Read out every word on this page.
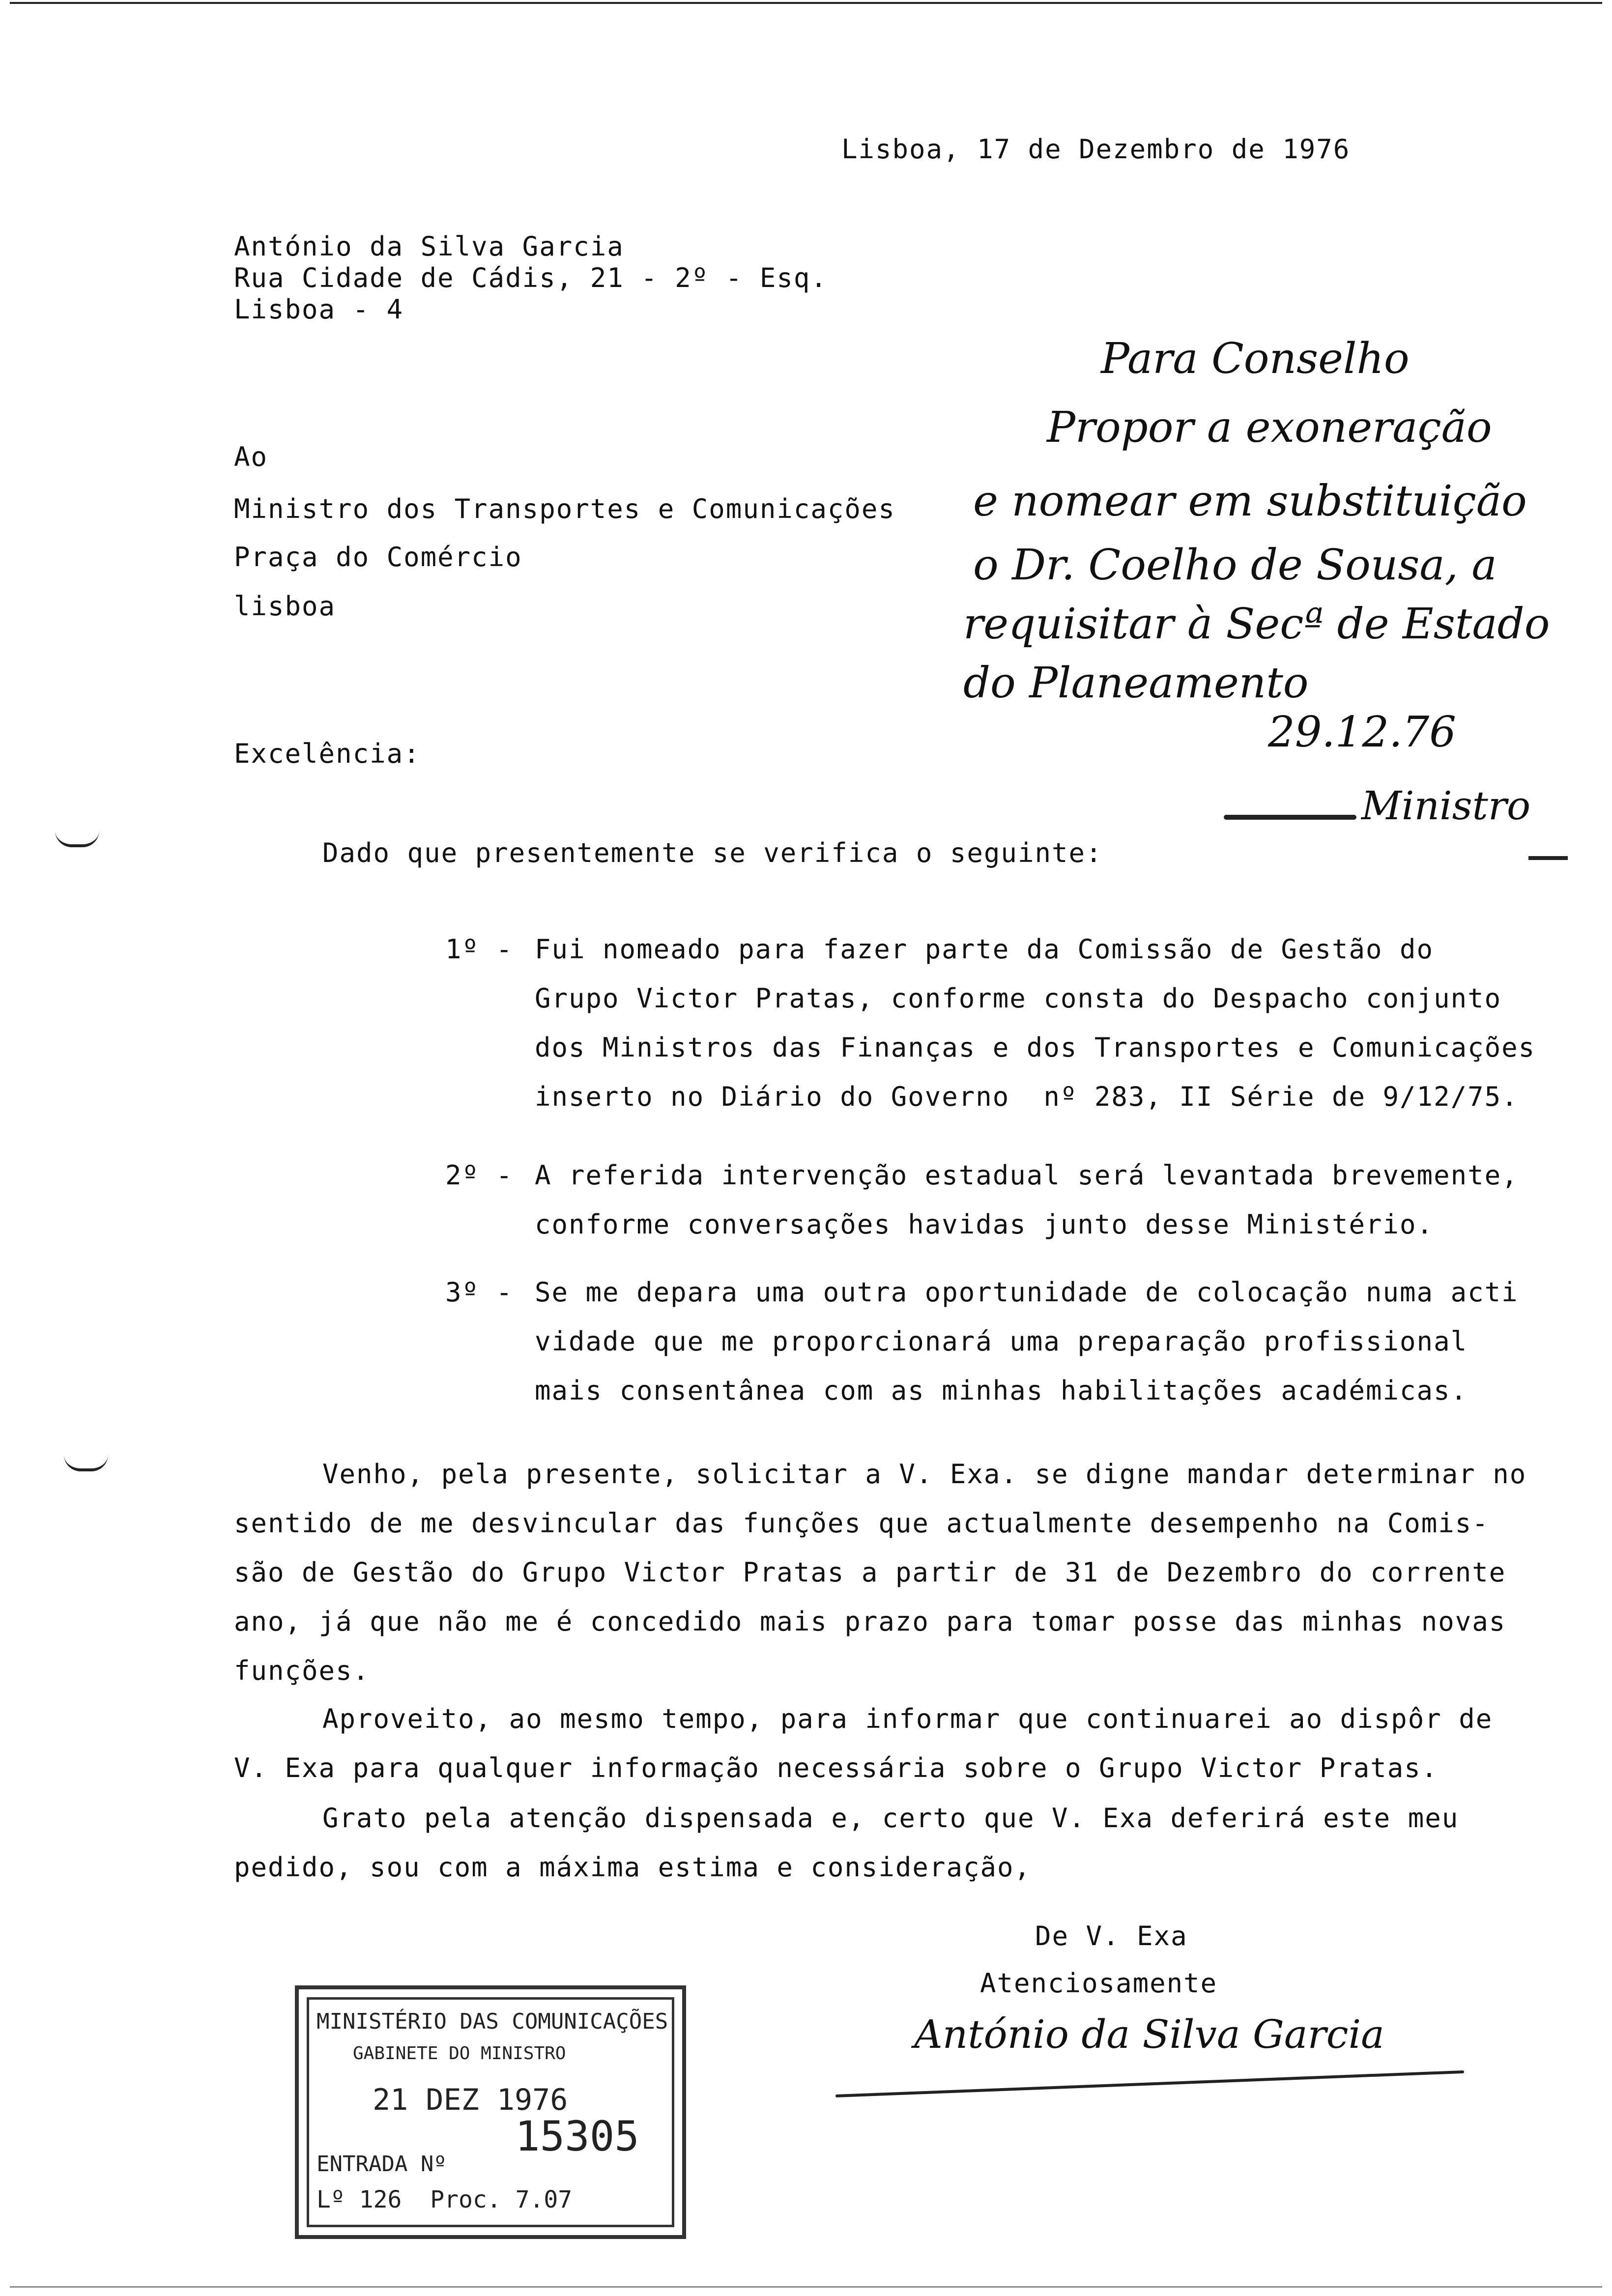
Lisboa, 17 de Dezembro de 1976
António da Silva Garcia
Rua Cidade de Cádis, 21 - 2º - Esq.
Lisboa - 4
Ao
Ministro dos Transportes e Comunicações
Praça do Comércio
lisboa
Para Conselho
Propor a exoneração
e nomear em substituição
o Dr. Coelho de Sousa, a
requisitar à Secª de Estado
do Planeamento
29.12.76
Ministro
Excelência:
Dado que presentemente se verifica o seguinte:
1º - Fui nomeado para fazer parte da Comissão de Gestão do
Grupo Victor Pratas, conforme consta do Despacho conjunto
dos Ministros das Finanças e dos Transportes e Comunicações
inserto no Diário do Governo  nº 283, II Série de 9/12/75.
2º - A referida intervenção estadual será levantada brevemente,
conforme conversações havidas junto desse Ministério.
3º - Se me depara uma outra oportunidade de colocação numa acti
vidade que me proporcionará uma preparação profissional
mais consentânea com as minhas habilitações académicas.
Venho, pela presente, solicitar a V. Exa. se digne mandar determinar no
sentido de me desvincular das funções que actualmente desempenho na Comis-
são de Gestão do Grupo Victor Pratas a partir de 31 de Dezembro do corrente
ano, já que não me é concedido mais prazo para tomar posse das minhas novas
funções.
Aproveito, ao mesmo tempo, para informar que continuarei ao dispôr de
V. Exa para qualquer informação necessária sobre o Grupo Victor Pratas.
Grato pela atenção dispensada e, certo que V. Exa deferirá este meu
pedido, sou com a máxima estima e consideração,
De V. Exa
Atenciosamente
António da Silva Garcia
MINISTÉRIO DAS COMUNICAÇÕES
GABINETE DO MINISTRO
21 DEZ 1976
15305
ENTRADA Nº
Lº 126  Proc. 7.07
